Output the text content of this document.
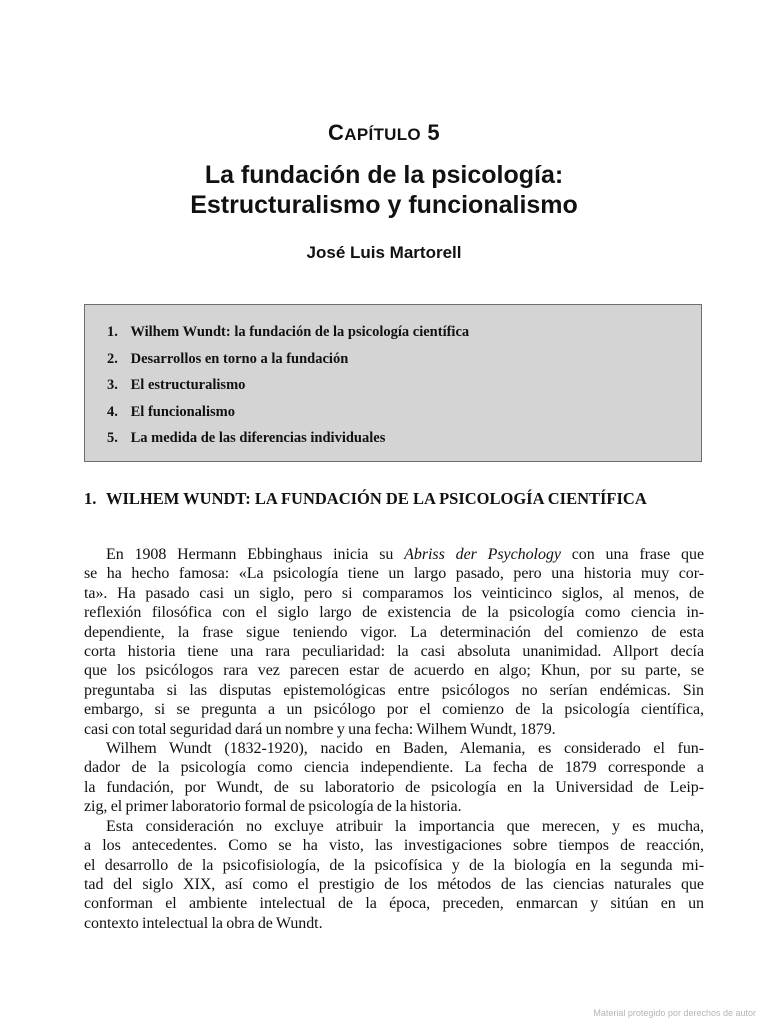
CAPÍTULO 5
La fundación de la psicología:
Estructuralismo y funcionalismo
José Luis Martorell
1. Wilhem Wundt: la fundación de la psicología científica
2. Desarrollos en torno a la fundación
3. El estructuralismo
4. El funcionalismo
5. La medida de las diferencias individuales
1. WILHEM WUNDT: LA FUNDACIÓN DE LA PSICOLOGÍA CIENTÍFICA

En 1908 Hermann Ebbinghaus inicia su Abriss der Psychology con una frase que
se ha hecho famosa: «La psicología tiene un largo pasado, pero una historia muy cor-
ta». Ha pasado casi un siglo, pero si comparamos los veinticinco siglos, al menos, de
reflexión filosófica con el siglo largo de existencia de la psicología como ciencia in-
dependiente, la frase sigue teniendo vigor. La determinación del comienzo de esta
corta historia tiene una rara peculiaridad: la casi absoluta unanimidad. Allport decía
que los psicólogos rara vez parecen estar de acuerdo en algo; Khun, por su parte, se
preguntaba si las disputas epistemológicas entre psicólogos no serían endémicas. Sin
embargo, si se pregunta a un psicólogo por el comienzo de la psicología científica,
casi con total seguridad dará un nombre y una fecha: Wilhem Wundt, 1879.

Wilhem Wundt (1832-1920), nacido en Baden, Alemania, es considerado el fun-
dador de la psicología como ciencia independiente. La fecha de 1879 corresponde a
la fundación, por Wundt, de su laboratorio de psicología en la Universidad de Leip-
zig, el primer laboratorio formal de psicología de la historia.

Esta consideración no excluye atribuir la importancia que merecen, y es mucha,
a los antecedentes. Como se ha visto, las investigaciones sobre tiempos de reacción,
el desarrollo de la psicofisiología, de la psicofísica y de la biología en la segunda mi-
tad del siglo XIX, así como el prestigio de los métodos de las ciencias naturales que
conforman el ambiente intelectual de la época, preceden, enmarcan y sitúan en un
contexto intelectual la obra de Wundt.

Material protegido por derechos de autor
